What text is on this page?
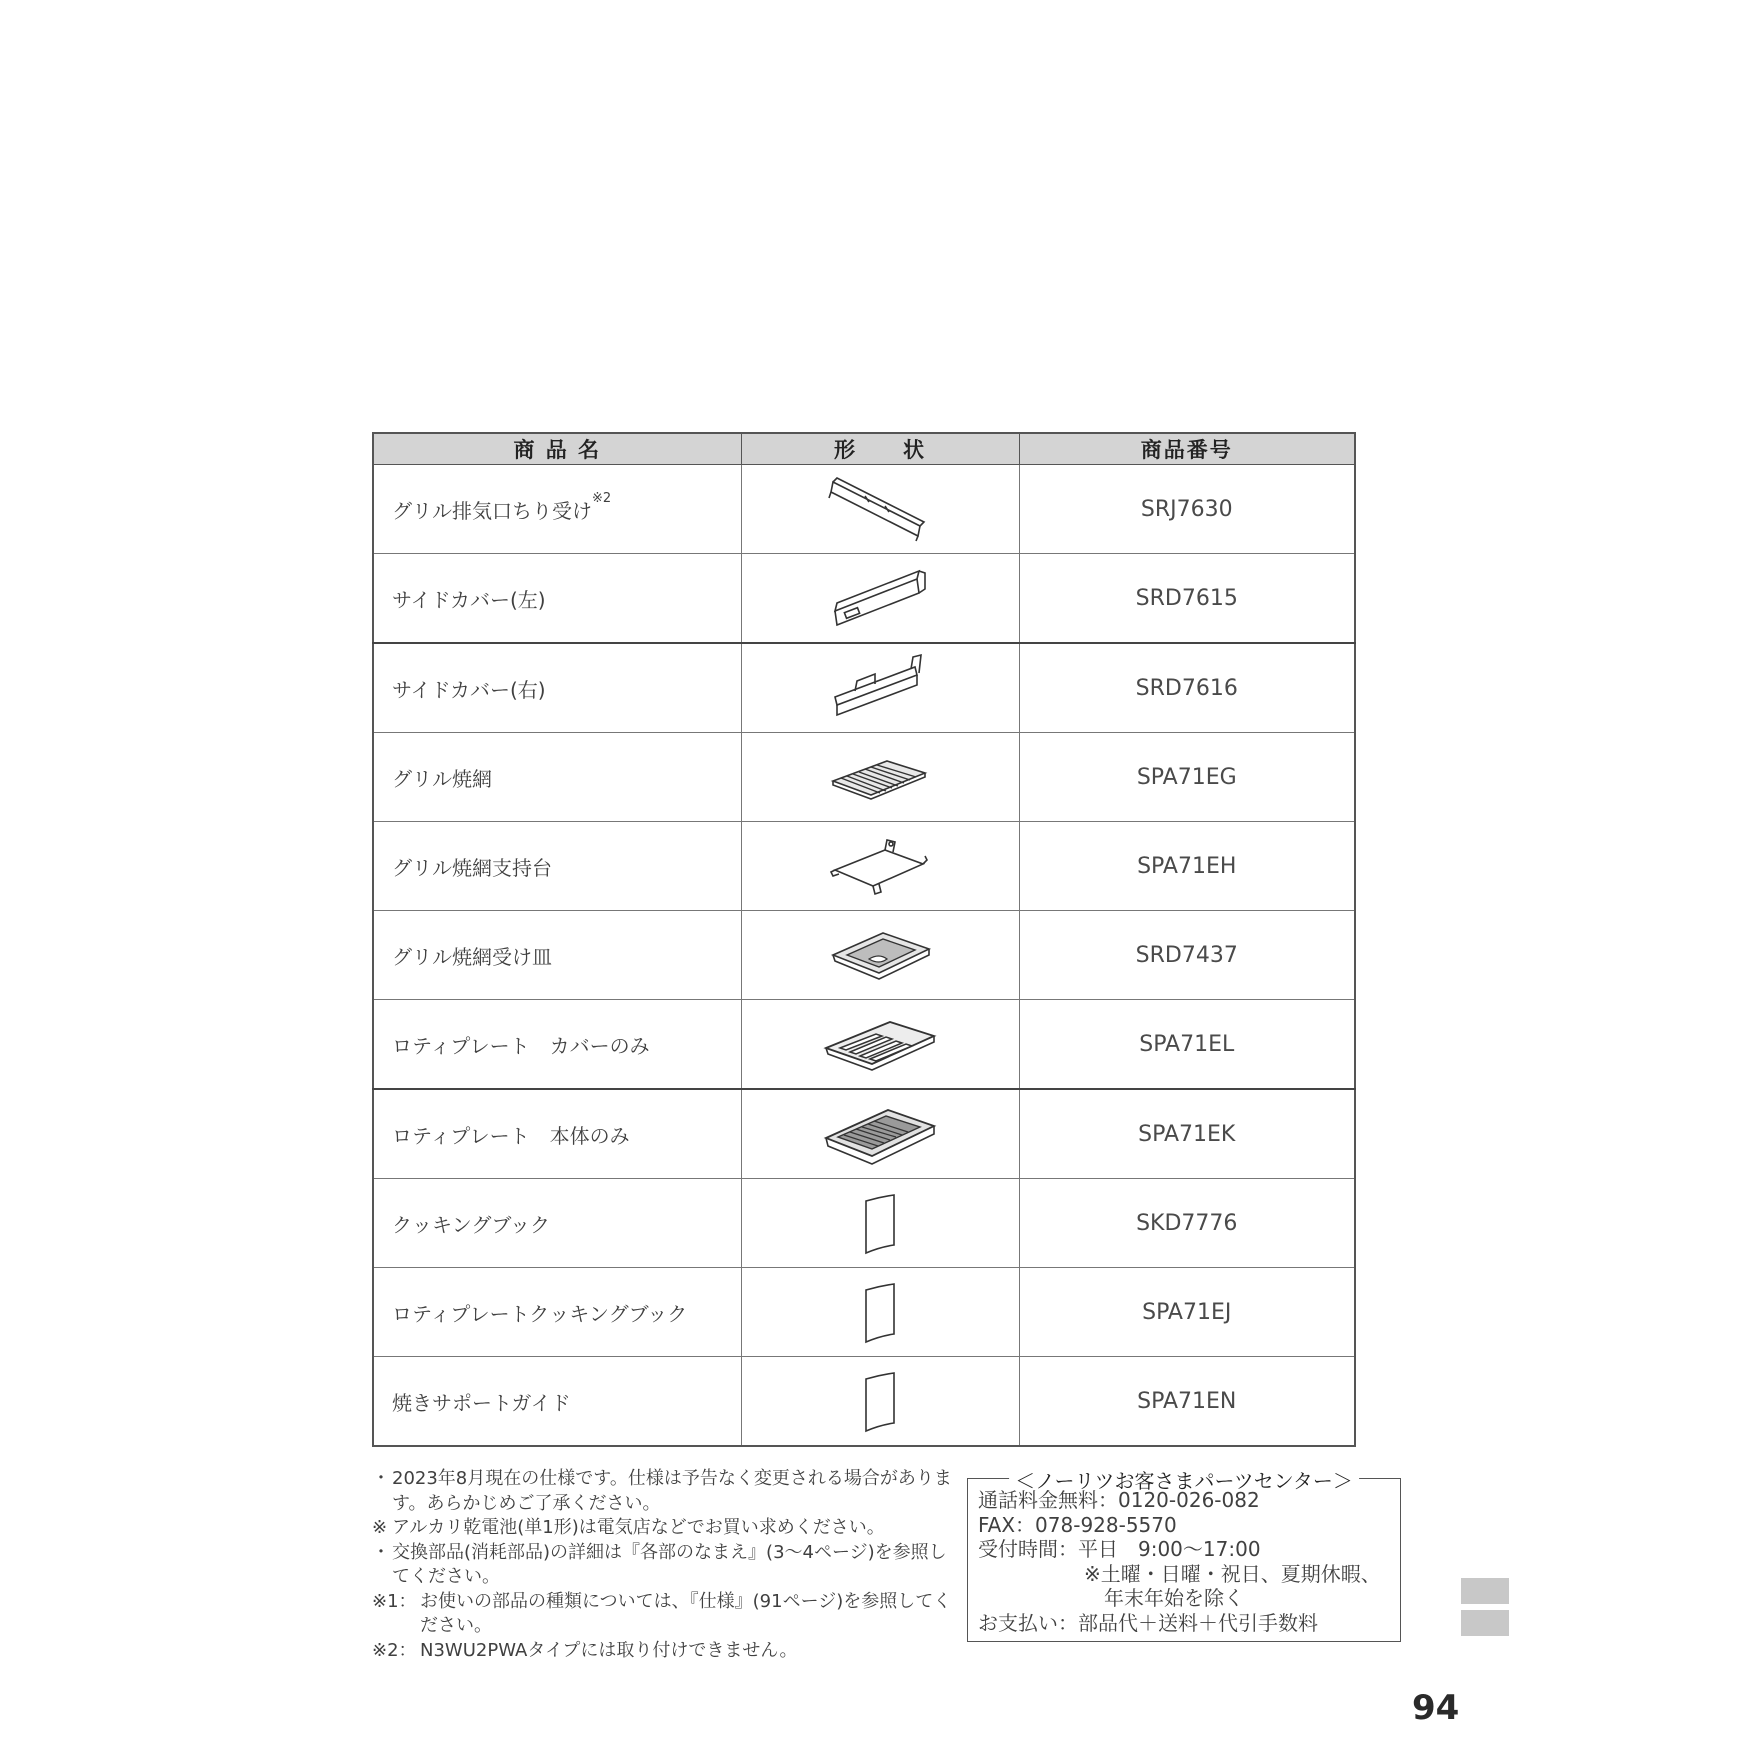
商 品 名	形　　状	商品番号
グリル排気口ちり受け$^{※2}$		SRJ7630
サイドカバー(左)		SRD7615
サイドカバー(右)		SRD7616
グリル焼網		SPA71EG
グリル焼網支持台		SPA71EH
グリル焼網受け皿		SRD7437
ロティプレート　カバーのみ		SPA71EL
ロティプレート　本体のみ		SPA71EK
クッキングブック		SKD7776
ロティプレートクッキングブック		SPA71EJ
焼きサポートガイド		SPA71EN
・ 2023年8月現在の仕様です。仕様は予告なく変更される場合があります。あらかじめご了承ください。
※ アルカリ乾電池(単1形)は電気店などでお買い求めください。
・ 交換部品(消耗部品)の詳細は『各部のなまえ』(3〜4ページ)を参照してください。
※1： お使いの部品の種類については、『仕様』(91ページ)を参照してください。
※2： N3WU2PWAタイプには取り付けできません。
＜ノーリツお客さまパーツセンター＞
通話料金無料：0120-026-082
FAX：078-928-5570
受付時間：平日　9:00〜17:00
※土曜・日曜・祝日、夏期休暇、
年末年始を除く
お支払い：部品代＋送料＋代引手数料
94
